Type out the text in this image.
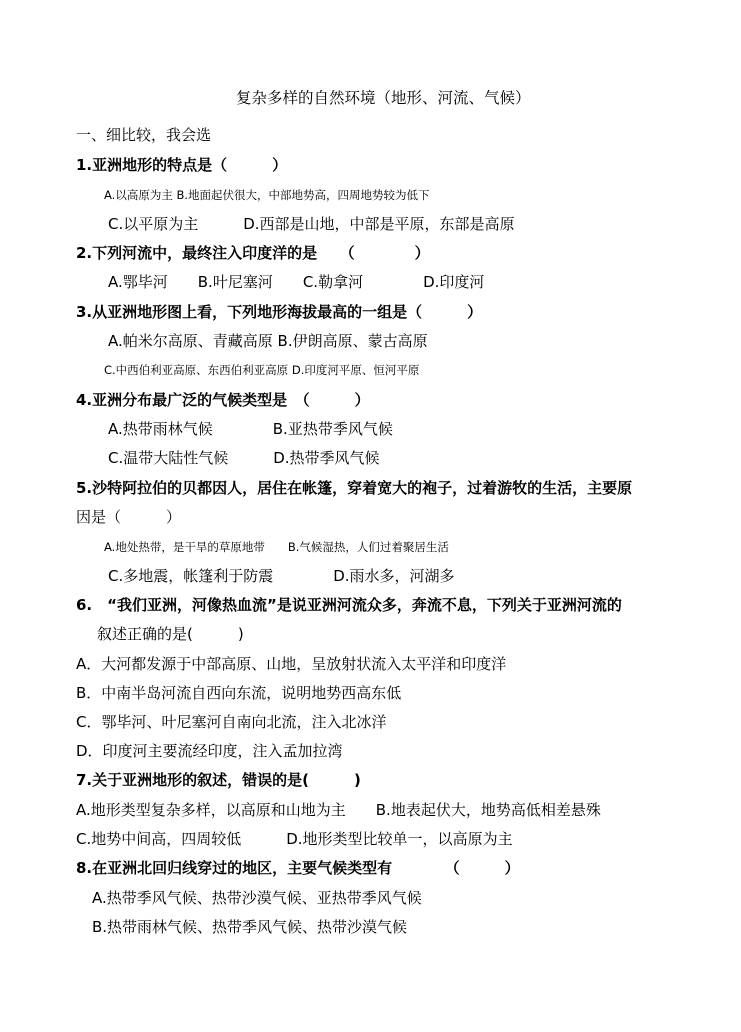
复杂多样的自然环境（地形、河流、气候）
一、细比较，我会选
1.亚洲地形的特点是（　　　）
A.以高原为主 B.地面起伏很大，中部地势高，四周地势较为低下
C.以平原为主　　　D.西部是山地，中部是平原，东部是高原
2.下列河流中，最终注入印度洋的是　　（　　　　）
A.鄂毕河　　B.叶尼塞河　　C.勒拿河　　　　D.印度河
3.从亚洲地形图上看，下列地形海拔最高的一组是（　　　）
A.帕米尔高原、青藏高原 B.伊朗高原、蒙古高原
C.中西伯利亚高原、东西伯利亚高原 D.印度河平原、恒河平原
4.亚洲分布最广泛的气候类型是　（　　　）
A.热带雨林气候　　　　B.亚热带季风气候
C.温带大陆性气候　　　D.热带季风气候
5.沙特阿拉伯的贝都因人，居住在帐篷，穿着宽大的袍子，过着游牧的生活，主要原
因是（　　　）
A.地处热带，是干旱的草原地带　　B.气候湿热，人们过着聚居生活
C.多地震，帐篷利于防震　　　　D.雨水多，河湖多
6.　“我们亚洲，河像热血流”是说亚洲河流众多，奔流不息，下列关于亚洲河流的
叙述正确的是(　　　)
A．大河都发源于中部高原、山地，呈放射状流入太平洋和印度洋
B．中南半岛河流自西向东流，说明地势西高东低
C．鄂毕河、叶尼塞河自南向北流，注入北冰洋
D．印度河主要流经印度，注入孟加拉湾
7.关于亚洲地形的叙述，错误的是(　　　)
A.地形类型复杂多样，以高原和山地为主　　B.地表起伏大，地势高低相差悬殊
C.地势中间高，四周较低　　　D.地形类型比较单一，以高原为主
8.在亚洲北回归线穿过的地区，主要气候类型有　　　　（　　　）
A.热带季风气候、热带沙漠气候、亚热带季风气候
B.热带雨林气候、热带季风气候、热带沙漠气候
